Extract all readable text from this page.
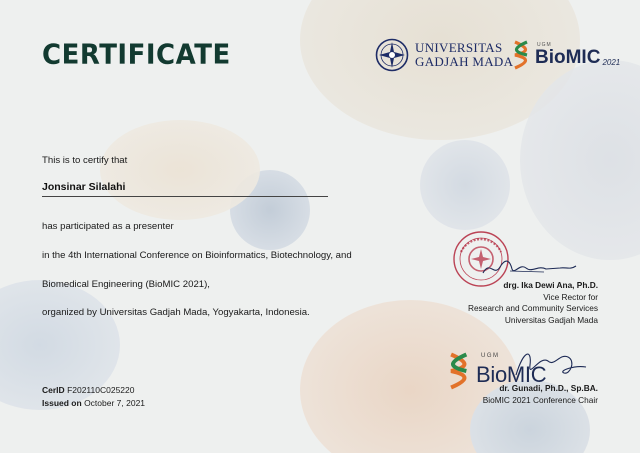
CERTIFICATE	UNIVERSITAS
GADJAH MADA
UGM
BioMIC 2021
This is to certify that
Jonsinar Silalahi
has participated as a presenter
in the 4th International Conference on Bioinformatics, Biotechnology, and
Biomedical Engineering (BioMIC 2021),
organized by Universitas Gadjah Mada, Yogyakarta, Indonesia.
CerID F202110C025220
Issued on October 7, 2021
drg. Ika Dewi Ana, Ph.D.
Vice Rector for
Research and Community Services
Universitas Gadjah Mada
UGM
BioMIC
dr. Gunadi, Ph.D., Sp.BA.
BioMIC 2021 Conference Chair
